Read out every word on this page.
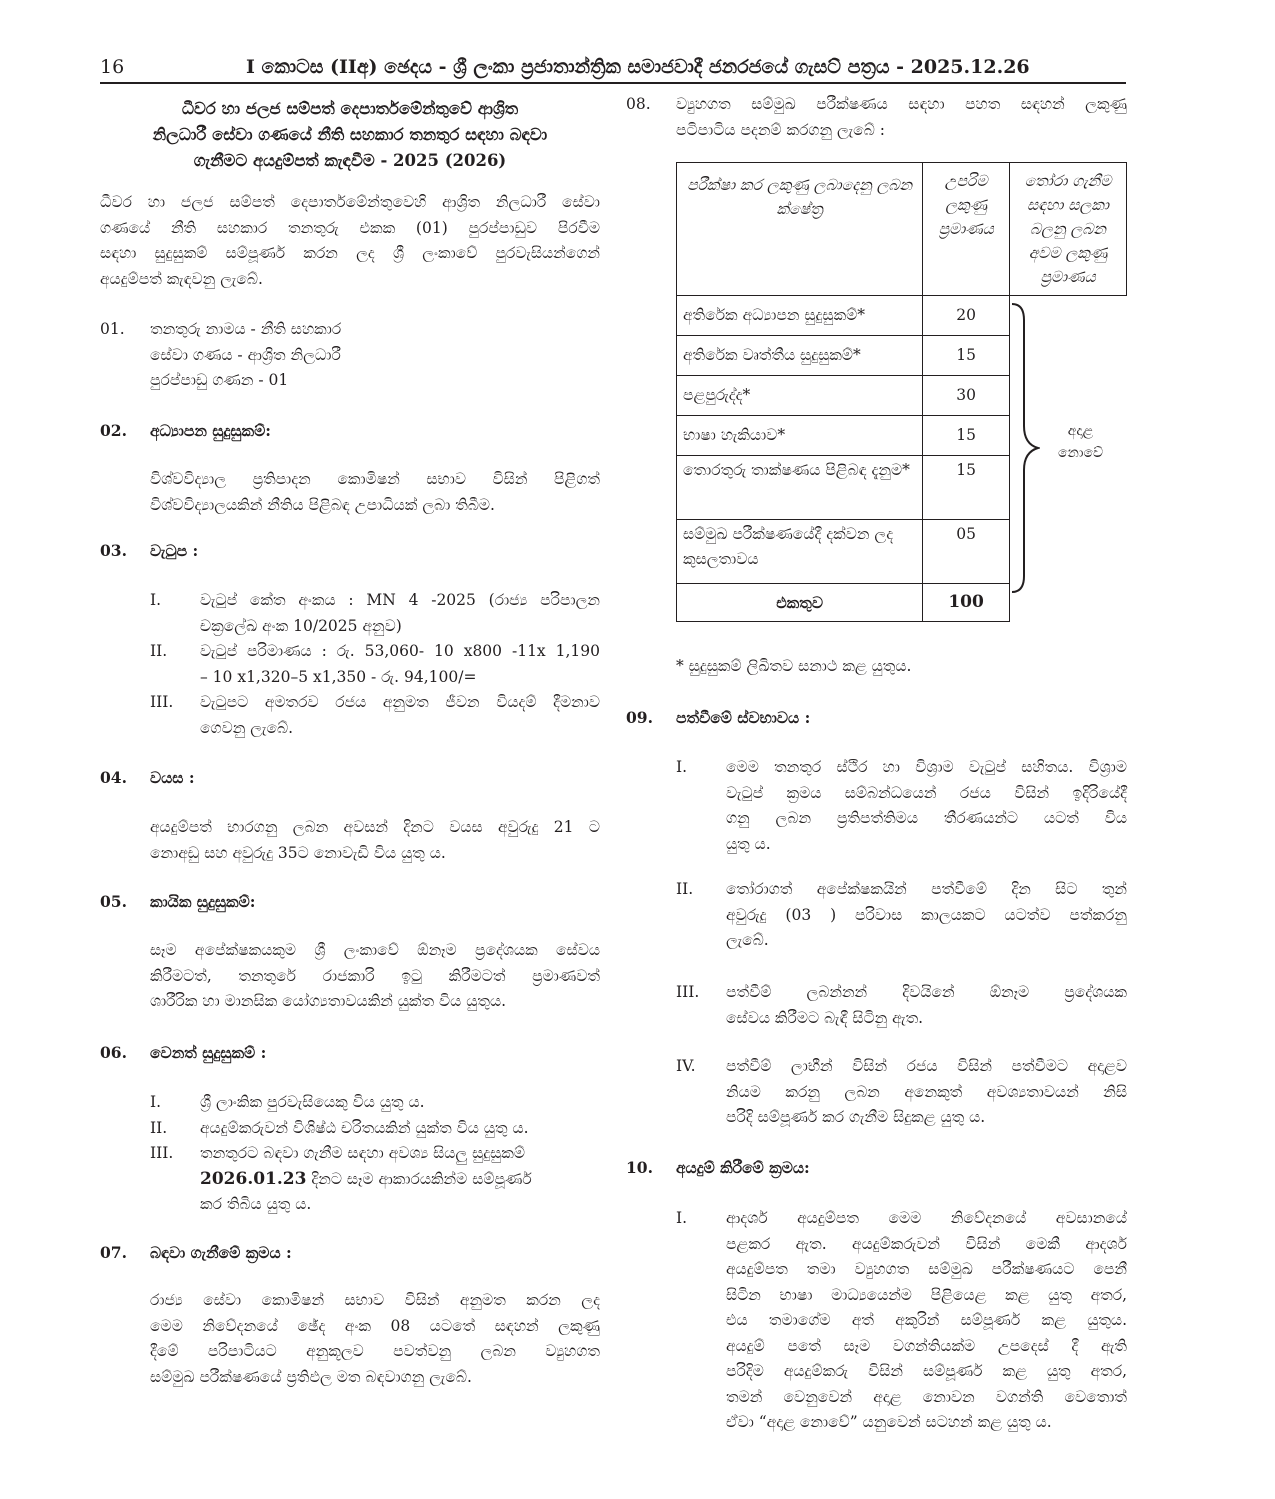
16	I කොටස (IIඅ) ඡෙදය - ශ්‍රී ලංකා ප්‍රජාතාන්ත්‍රික සමාජවාදී ජනරජයේ ගැසට් පත්‍රය - 2025.12.26
ධීවර හා ජලජ සම්පත් දෙපාර්තමේන්තුවේ ආශ්‍රිත
නිලධාරී සේවා ගණයේ නීති සහකාර තනතුර සඳහා බඳවා
ගැනීමට අයදුම්පත් කැඳවීම - 2025 (2026)
ධීවර හා ජලජ සම්පත් දෙපාර්තමේන්තුවෙහි ආශ්‍රිත නිලධාරී සේවා
ගණයේ නීති සහකාර තනතුරු එකක (01) පුරප්පාඩුව පිරවීම
සඳහා සුදුසුකම් සම්පූර්ණ කරන ලද ශ්‍රී ලංකාවේ පුරවැසියන්ගෙන්
අයදුම්පත් කැඳවනු ලැබේ.
01. තනතුරු නාමය - නීති සහකාර
සේවා ගණය - ආශ්‍රිත නිලධාරී
පුරප්පාඩු ගණන - 01
02. අධ්‍යාපන සුදුසුකම්:
විශ්වවිද්‍යාල ප්‍රතිපාදන කොමිෂන් සභාව විසින් පිළිගත්
විශ්වවිද්‍යාලයකින් නීතිය පිළිබඳ උපාධියක් ලබා තිබීම.
03. වැටුප :
I.	වැටුප් කේත අංකය : MN 4 -2025 (රාජ්‍ය පරිපාලන
චක්‍රලේඛ අංක 10/2025 අනුව)
II.	වැටුප් පරිමාණය : රු. 53,060- 10 x800 -11x 1,190
– 10 x1,320–5 x1,350 - රු. 94,100/=
III.	වැටුපට අමතරව රජය අනුමත ජීවන වියදම් දීමනාව
ගෙවනු ලැබේ.
04. වයස :
අයදුම්පත් භාරගනු ලබන අවසන් දිනට වයස අවුරුදු 21 ට
නොඅඩු සහ අවුරුදු 35ට නොවැඩි විය යුතු ය.
05. කායික සුදුසුකම්:
සෑම අපේක්ෂකයකුම ශ්‍රී ලංකාවේ ඕනෑම ප්‍රදේශයක සේවය
කිරීමටත්, තනතුරේ රාජකාරි ඉටු කිරීමටත් ප්‍රමාණවත්
ශාරීරික හා මානසික යෝග්‍යතාවයකින් යුක්ත විය යුතුය.
06. වෙනත් සුදුසුකම් :
I.	ශ්‍රී ලාංකික පුරවැසියෙකු විය යුතු ය.
II.	අයදුම්කරුවන් විශිෂ්ඨ චරිතයකින් යුක්ත විය යුතු ය.
III.	තනතුරට බඳවා ගැනීම සඳහා අවශ්‍ය සියලු සුදුසුකම්
2026.01.23 දිනට සෑම ආකාරයකින්ම සම්පූර්ණ
කර තිබිය යුතු ය.
07. බඳවා ගැනීමේ ක්‍රමය :
රාජ්‍ය සේවා කොමිෂන් සභාව විසින් අනුමත කරන ලද
මෙම නිවේදනයේ ඡේද අංක 08 යටතේ සඳහන් ලකුණු
දීමේ පරිපාටියට අනුකූලව පවත්වනු ලබන ව්‍යුහගත
සම්මුඛ පරීක්ෂණයේ ප්‍රතිඵල මත බඳවාගනු ලැබේ.
08. ව්‍යුහගත සම්මුඛ පරීක්ෂණය සඳහා පහත සඳහන් ලකුණු
පටිපාටිය පදනම් කරගනු ලැබේ :
පරීක්ෂා කර ලකුණු ලබාදෙනු ලබන ක්ෂේත්‍ර	උපරිම ලකුණු ප්‍රමාණය	තෝරා ගැනීම සඳහා සලකා බලනු ලබන අවම ලකුණු ප්‍රමාණය
අතිරේක අධ්‍යාපන සුදුසුකම්*	20	අදාළ
නොවේ

අතිරේක වෘත්තීය සුදුසුකම්*	15	
පළපුරුද්ද*	30	
භාෂා හැකියාව*	15	
තොරතුරු තාක්ෂණය පිළිබඳ දැනුම*	15	
සම්මුඛ පරීක්ෂණයේදී දක්වන ලද කුසලතාවය	05	
එකතුව	100	
* සුදුසුකම් ලිඛිතව සනාථ කළ යුතුය.
09. පත්වීමේ ස්වභාවය :
I.	මෙම තනතුර ස්ථිර හා විශ්‍රාම වැටුප් සහිතය. විශ්‍රාම
වැටුප් ක්‍රමය සම්බන්ධයෙන් රජය විසින් ඉදිරියේදී
ගනු ලබන ප්‍රතිපත්තිමය තීරණයන්ට යටත් විය
යුතු ය.
II.	තෝරාගත් අපේක්ෂකයින් පත්වීමේ දින සිට තුන්
අවුරුදු (03 ) පරිවාස කාලයකට යටත්ව පත්කරනු
ලැබේ.
III.	පත්වීම් ලබන්නන් දිවයිනේ ඕනෑම ප්‍රදේශයක
සේවය කිරීමට බැඳී සිටිනු ඇත.
IV.	පත්වීම් ලාභීන් විසින් රජය විසින් පත්වීමට අදාළව
නියම කරනු ලබන අනෙකුත් අවශ්‍යතාවයන් නිසි
පරිදි සම්පූර්ණ කර ගැනීම සිදුකළ යුතු ය.
10. අයදුම් කිරීමේ ක්‍රමය:
I.	ආදර්ශ අයදුම්පත මෙම නිවේදනයේ අවසානයේ
පළකර ඇත. අයදුම්කරුවන් විසින් මෙකී ආදර්ශ
අයදුම්පත තමා ව්‍යුහගත සම්මුඛ පරීක්ෂණයට පෙනී
සිටින භාෂා මාධ්‍යයෙන්ම පිළියෙළ කළ යුතු අතර,
එය තමාගේම අත් අකුරින් සම්පූර්ණ කළ යුතුය.
අයදුම් පතේ සෑම වගන්තියක්ම උපදෙස් දී ඇති
පරිදිම අයදුම්කරු විසින් සම්පූර්ණ කළ යුතු අතර,
තමන් වෙනුවෙන් අදාළ නොවන වගන්ති වෙතොත්
ඒවා “අදාළ නොවේ” යනුවෙන් සටහන් කළ යුතු ය.
